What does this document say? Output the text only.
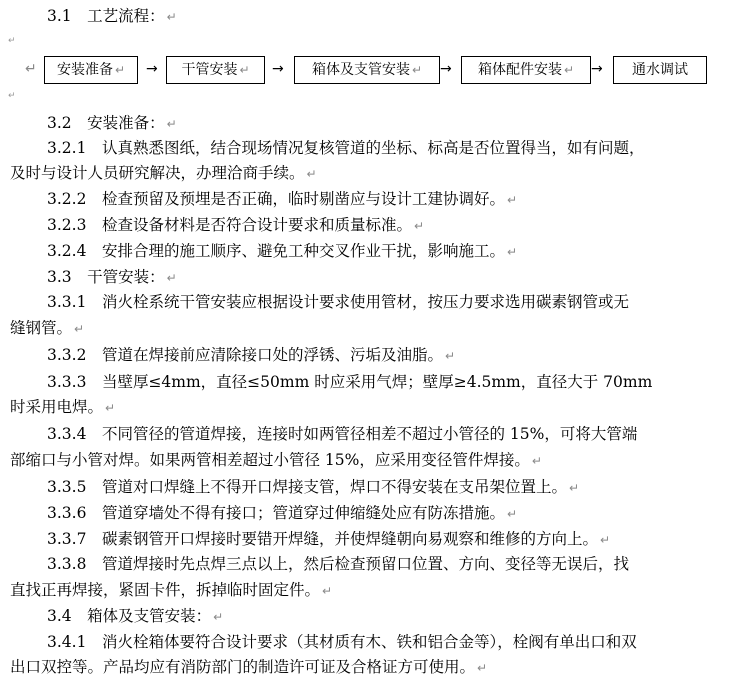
3.1　工艺流程： ↵
↵
↵	安装准备 ↵	→	干管安装 ↵	→	箱体及支管安装 ↵	→	箱体配件安装 ↵	→	通水调试
↵
3.2　安装准备： ↵
3.2.1　认真熟悉图纸，结合现场情况复核管道的坐标、标高是否位置得当，如有问题，
及时与设计人员研究解决，办理洽商手续。 ↵
3.2.2　检查预留及预埋是否正确，临时剔凿应与设计工建协调好。 ↵
3.2.3　检查设备材料是否符合设计要求和质量标准。 ↵
3.2.4　安排合理的施工顺序、避免工种交叉作业干扰，影响施工。 ↵
3.3　干管安装： ↵
3.3.1　消火栓系统干管安装应根据设计要求使用管材，按压力要求选用碳素钢管或无
缝钢管。 ↵
3.3.2　管道在焊接前应清除接口处的浮锈、污垢及油脂。 ↵
3.3.3　当壁厚≤4mm，直径≤50mm 时应采用气焊；壁厚≥4.5mm，直径大于 70mm
时采用电焊。 ↵
3.3.4　不同管径的管道焊接，连接时如两管径相差不超过小管径的 15%，可将大管端
部缩口与小管对焊。如果两管相差超过小管径 15%，应采用变径管件焊接。 ↵
3.3.5　管道对口焊缝上不得开口焊接支管，焊口不得安装在支吊架位置上。 ↵
3.3.6　管道穿墙处不得有接口；管道穿过伸缩缝处应有防冻措施。 ↵
3.3.7　碳素钢管开口焊接时要错开焊缝，并使焊缝朝向易观察和维修的方向上。 ↵
3.3.8　管道焊接时先点焊三点以上，然后检查预留口位置、方向、变径等无误后，找
直找正再焊接，紧固卡件，拆掉临时固定件。 ↵
3.4　箱体及支管安装： ↵
3.4.1　消火栓箱体要符合设计要求（其材质有木、铁和铝合金等），栓阀有单出口和双
出口双控等。产品均应有消防部门的制造许可证及合格证方可使用。 ↵
